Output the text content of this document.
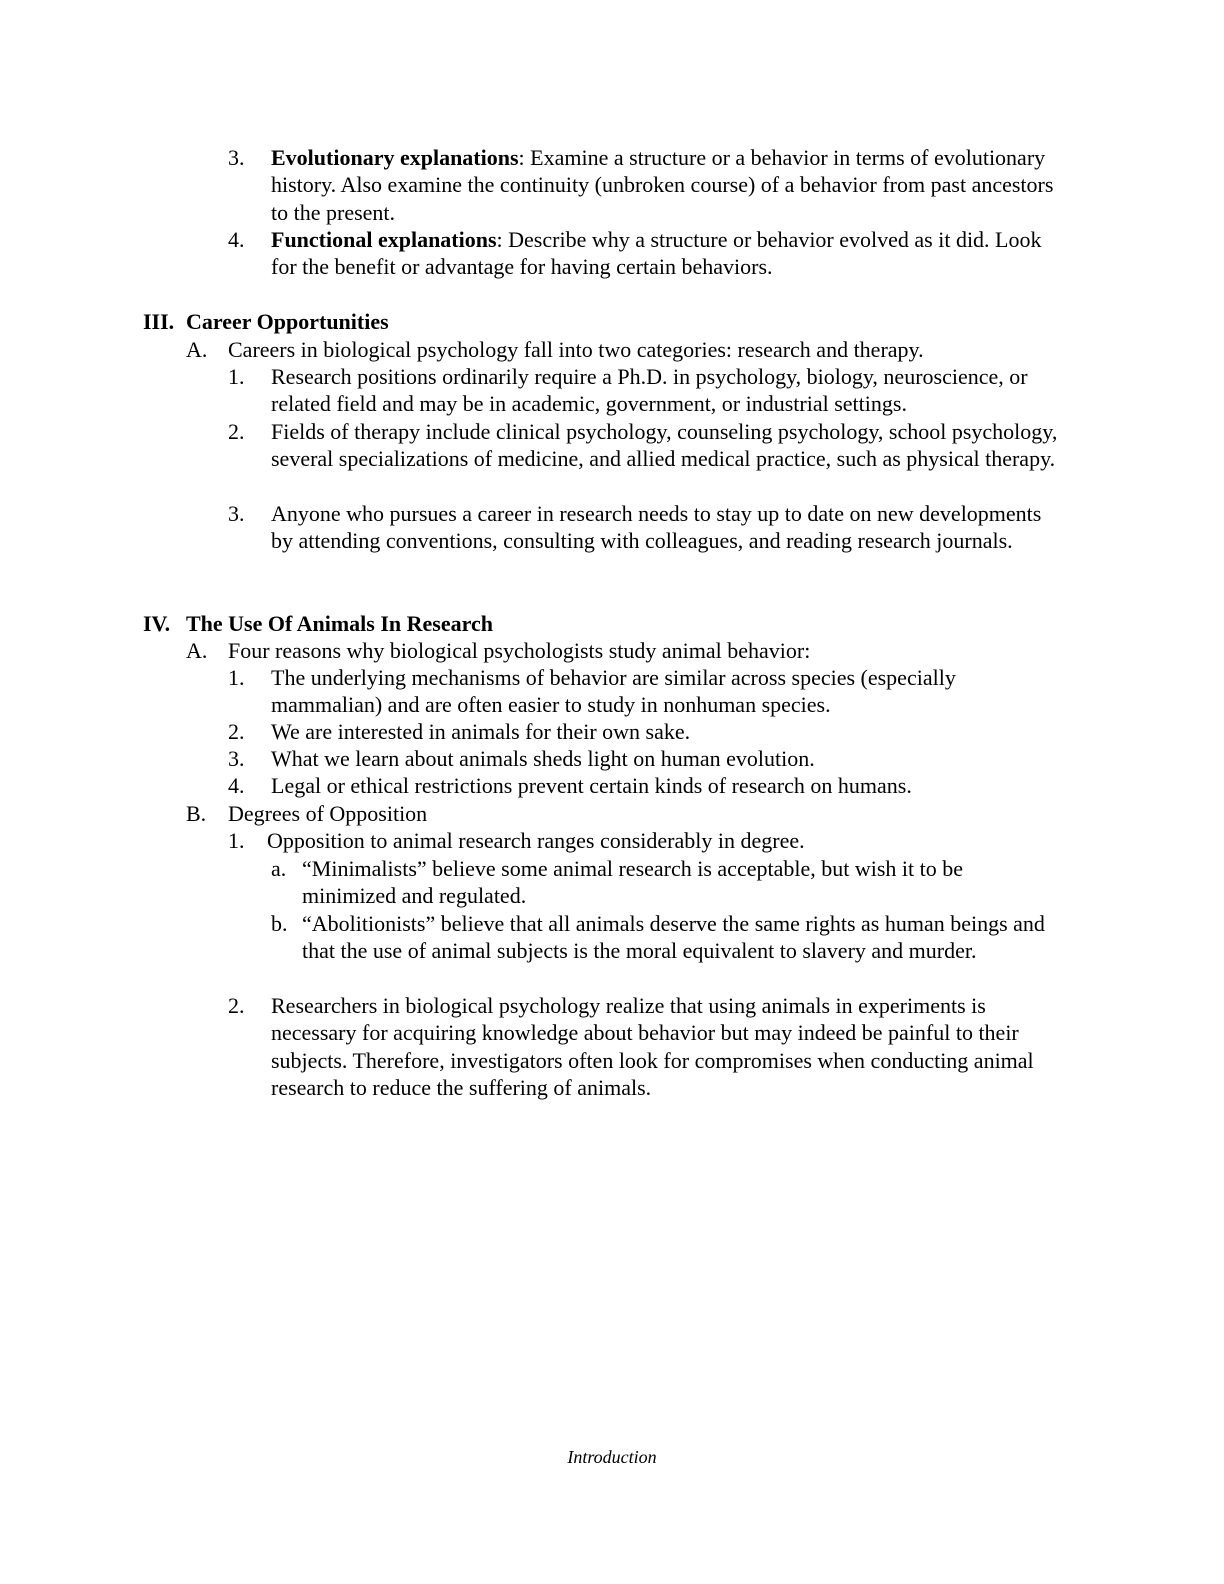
3. Evolutionary explanations: Examine a structure or a behavior in terms of evolutionary history. Also examine the continuity (unbroken course) of a behavior from past ancestors to the present.
4. Functional explanations: Describe why a structure or behavior evolved as it did. Look for the benefit or advantage for having certain behaviors.
III. Career Opportunities
A. Careers in biological psychology fall into two categories: research and therapy.
1. Research positions ordinarily require a Ph.D. in psychology, biology, neuroscience, or related field and may be in academic, government, or industrial settings.
2. Fields of therapy include clinical psychology, counseling psychology, school psychology, several specializations of medicine, and allied medical practice, such as physical therapy.
3. Anyone who pursues a career in research needs to stay up to date on new developments by attending conventions, consulting with colleagues, and reading research journals.
IV. The Use Of Animals In Research
A. Four reasons why biological psychologists study animal behavior:
1. The underlying mechanisms of behavior are similar across species (especially mammalian) and are often easier to study in nonhuman species.
2. We are interested in animals for their own sake.
3. What we learn about animals sheds light on human evolution.
4. Legal or ethical restrictions prevent certain kinds of research on humans.
B. Degrees of Opposition
1. Opposition to animal research ranges considerably in degree.
a. “Minimalists” believe some animal research is acceptable, but wish it to be minimized and regulated.
b. “Abolitionists” believe that all animals deserve the same rights as human beings and that the use of animal subjects is the moral equivalent to slavery and murder.
2. Researchers in biological psychology realize that using animals in experiments is necessary for acquiring knowledge about behavior but may indeed be painful to their subjects. Therefore, investigators often look for compromises when conducting animal research to reduce the suffering of animals.
Introduction
